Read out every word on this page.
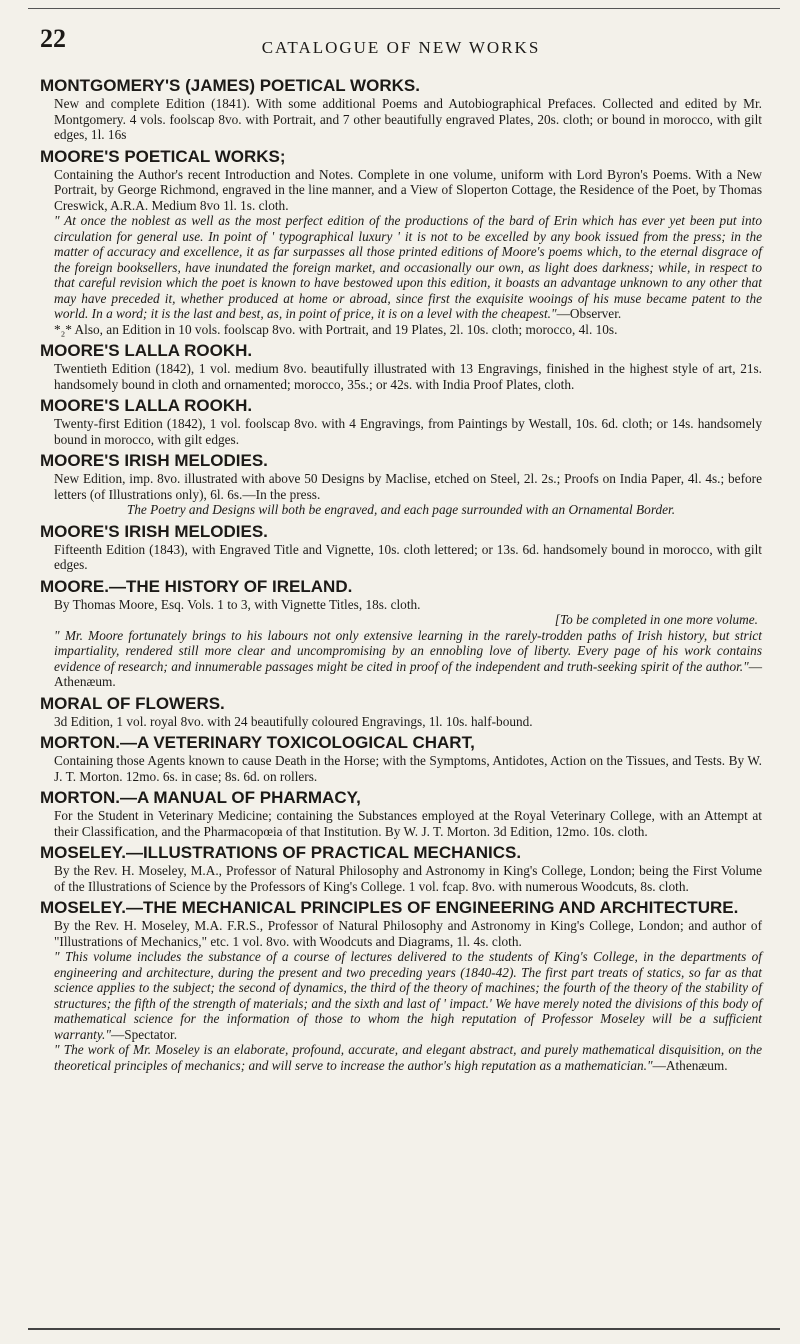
22	CATALOGUE OF NEW WORKS
MONTGOMERY'S (JAMES) POETICAL WORKS.
New and complete Edition (1841). With some additional Poems and Autobiographical Prefaces. Collected and edited by Mr. Montgomery. 4 vols. foolscap 8vo. with Portrait, and 7 other beautifully engraved Plates, 20s. cloth; or bound in morocco, with gilt edges, 1l. 16s
MOORE'S POETICAL WORKS;
Containing the Author's recent Introduction and Notes. Complete in one volume, uniform with Lord Byron's Poems. With a New Portrait, by George Richmond, engraved in the line manner, and a View of Sloperton Cottage, the Residence of the Poet, by Thomas Creswick, A.R.A. Medium 8vo 1l. 1s. cloth.
" At once the noblest as well as the most perfect edition of the productions of the bard of Erin which has ever yet been put into circulation for general use. In point of ' typographical luxury ' it is not to be excelled by any book issued from the press; in the matter of accuracy and excellence, it as far surpasses all those printed editions of Moore's poems which, to the eternal disgrace of the foreign booksellers, have inundated the foreign market, and occasionally our own, as light does darkness; while, in respect to that careful revision which the poet is known to have bestowed upon this edition, it boasts an advantage unknown to any other that may have preceded it, whether produced at home or abroad, since first the exquisite wooings of his muse became patent to the world. In a word; it is the last and best, as, in point of price, it is on a level with the cheapest."—Observer.
*₂* Also, an Edition in 10 vols. foolscap 8vo. with Portrait, and 19 Plates, 2l. 10s. cloth; morocco, 4l. 10s.
MOORE'S LALLA ROOKH.
Twentieth Edition (1842), 1 vol. medium 8vo. beautifully illustrated with 13 Engravings, finished in the highest style of art, 21s. handsomely bound in cloth and ornamented; morocco, 35s.; or 42s. with India Proof Plates, cloth.
MOORE'S LALLA ROOKH.
Twenty-first Edition (1842), 1 vol. foolscap 8vo. with 4 Engravings, from Paintings by Westall, 10s. 6d. cloth; or 14s. handsomely bound in morocco, with gilt edges.
MOORE'S IRISH MELODIES.
New Edition, imp. 8vo. illustrated with above 50 Designs by Maclise, etched on Steel, 2l. 2s.; Proofs on India Paper, 4l. 4s.; before letters (of Illustrations only), 6l. 6s.—In the press.
The Poetry and Designs will both be engraved, and each page surrounded with an Ornamental Border.
MOORE'S IRISH MELODIES.
Fifteenth Edition (1843), with Engraved Title and Vignette, 10s. cloth lettered; or 13s. 6d. handsomely bound in morocco, with gilt edges.
MOORE.—THE HISTORY OF IRELAND.
By Thomas Moore, Esq. Vols. 1 to 3, with Vignette Titles, 18s. cloth.
[To be completed in one more volume.
" Mr. Moore fortunately brings to his labours not only extensive learning in the rarely-trodden paths of Irish history, but strict impartiality, rendered still more clear and uncompromising by an ennobling love of liberty. Every page of his work contains evidence of research; and innumerable passages might be cited in proof of the independent and truth-seeking spirit of the author."—Athenæum.
MORAL OF FLOWERS.
3d Edition, 1 vol. royal 8vo. with 24 beautifully coloured Engravings, 1l. 10s. half-bound.
MORTON.—A VETERINARY TOXICOLOGICAL CHART,
Containing those Agents known to cause Death in the Horse; with the Symptoms, Antidotes, Action on the Tissues, and Tests. By W. J. T. Morton. 12mo. 6s. in case; 8s. 6d. on rollers.
MORTON.—A MANUAL OF PHARMACY,
For the Student in Veterinary Medicine; containing the Substances employed at the Royal Veterinary College, with an Attempt at their Classification, and the Pharmacopœia of that Institution. By W. J. T. Morton. 3d Edition, 12mo. 10s. cloth.
MOSELEY.—ILLUSTRATIONS OF PRACTICAL MECHANICS.
By the Rev. H. Moseley, M.A., Professor of Natural Philosophy and Astronomy in King's College, London; being the First Volume of the Illustrations of Science by the Professors of King's College. 1 vol. fcap. 8vo. with numerous Woodcuts, 8s. cloth.
MOSELEY.—THE MECHANICAL PRINCIPLES OF ENGINEERING AND ARCHITECTURE.
By the Rev. H. Moseley, M.A. F.R.S., Professor of Natural Philosophy and Astronomy in King's College, London; and author of "Illustrations of Mechanics," etc. 1 vol. 8vo. with Woodcuts and Diagrams, 1l. 4s. cloth.
" This volume includes the substance of a course of lectures delivered to the students of King's College, in the departments of engineering and architecture, during the present and two preceding years (1840-42). The first part treats of statics, so far as that science applies to the subject; the second of dynamics, the third of the theory of machines; the fourth of the theory of the stability of structures; the fifth of the strength of materials; and the sixth and last of ' impact.' We have merely noted the divisions of this body of mathematical science for the information of those to whom the high reputation of Professor Moseley will be a sufficient warranty."—Spectator.
" The work of Mr. Moseley is an elaborate, profound, accurate, and elegant abstract, and purely mathematical disquisition, on the theoretical principles of mechanics; and will serve to increase the author's high reputation as a mathematician."—Athenæum.
